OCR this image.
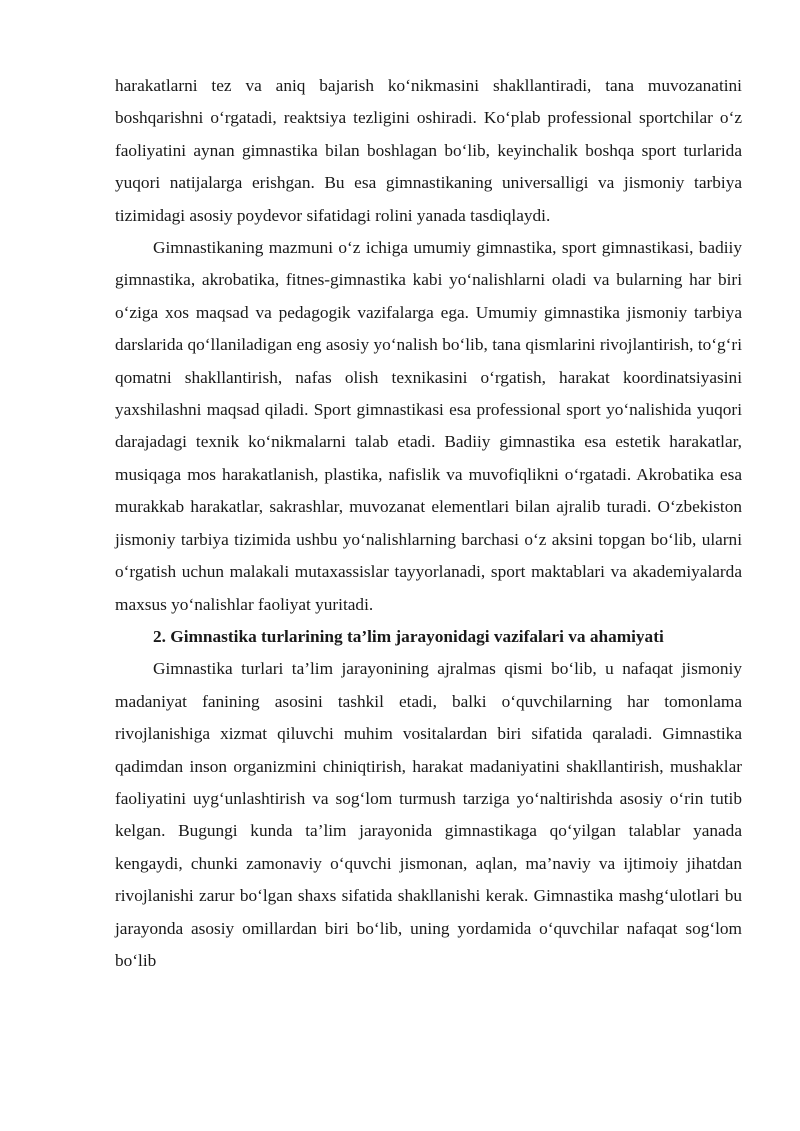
harakatlarni tez va aniq bajarish koʻnikmasini shakllantiradi, tana muvozanatini boshqarishni oʻrgatadi, reaktsiya tezligini oshiradi. Koʻplab professional sportchilar oʻz faoliyatini aynan gimnastika bilan boshlagan boʻlib, keyinchalik boshqa sport turlarida yuqori natijalarga erishgan. Bu esa gimnastikaning universalligi va jismoniy tarbiya tizimidagi asosiy poydevor sifatidagi rolini yanada tasdiqlaydi.

Gimnastikaning mazmuni oʻz ichiga umumiy gimnastika, sport gimnastikasi, badiiy gimnastika, akrobatika, fitnes-gimnastika kabi yoʻnalishlarni oladi va bularning har biri oʻziga xos maqsad va pedagogik vazifalarga ega. Umumiy gimnastika jismoniy tarbiya darslarida qoʻllaniladigan eng asosiy yoʻnalish boʻlib, tana qismlarini rivojlantirish, toʻgʻri qomatni shakllantirish, nafas olish texnikasini oʻrgatish, harakat koordinatsiyasini yaxshilashni maqsad qiladi. Sport gimnastikasi esa professional sport yoʻnalishida yuqori darajadagi texnik koʻnikmalarni talab etadi. Badiiy gimnastika esa estetik harakatlar, musiqaga mos harakatlanish, plastika, nafislik va muvofiqlikni oʻrgatadi. Akrobatika esa murakkab harakatlar, sakrashlar, muvozanat elementlari bilan ajralib turadi. Oʻzbekiston jismoniy tarbiya tizimida ushbu yoʻnalishlarning barchasi oʻz aksini topgan boʻlib, ularni oʻrgatish uchun malakali mutaxassislar tayyorlanadi, sport maktablari va akademiyalarda maxsus yoʻnalishlar faoliyat yuritadi.

2. Gimnastika turlarining ta’lim jarayonidagi vazifalari va ahamiyati

Gimnastika turlari ta’lim jarayonining ajralmas qismi boʻlib, u nafaqat jismoniy madaniyat fanining asosini tashkil etadi, balki oʻquvchilarning har tomonlama rivojlanishiga xizmat qiluvchi muhim vositalardan biri sifatida qaraladi. Gimnastika qadimdan inson organizmini chiniqtirish, harakat madaniyatini shakllantirish, mushaklar faoliyatini uygʻunlashtirish va sogʻlom turmush tarziga yoʻnaltirishda asosiy oʻrin tutib kelgan. Bugungi kunda ta’lim jarayonida gimnastikaga qoʻyilgan talablar yanada kengaydi, chunki zamonaviy oʻquvchi jismonan, aqlan, ma’naviy va ijtimoiy jihatdan rivojlanishi zarur boʻlgan shaxs sifatida shakllanishi kerak. Gimnastika mashgʻulotlari bu jarayonda asosiy omillardan biri boʻlib, uning yordamida oʻquvchilar nafaqat sogʻlom boʻlib
